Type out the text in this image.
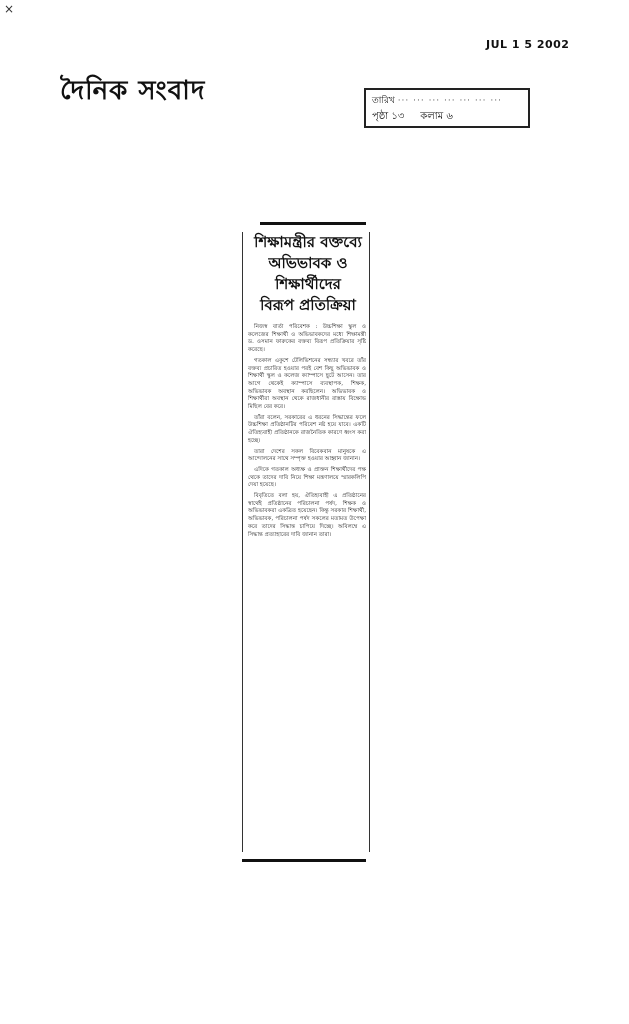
×
JUL 1 5 2002
দৈনিক সংবাদ	তারিখ ··· ··· ··· ··· ··· ··· ···
পৃষ্ঠা ১৩ কলাম ৬
শিক্ষামন্ত্রীর বক্তব্যে
অভিভাবক ও
শিক্ষার্থীদের
বিরূপ প্রতিক্রিয়া

নিজস্ব বার্তা পরিবেশক : উচ্চশিক্ষা স্কুল ও কলেজের শিক্ষার্থী ও অভিভাবকদের মধ্যে শিক্ষামন্ত্রী ড. ওসমান ফারুকের বক্তব্য বিরূপ প্রতিক্রিয়ার সৃষ্টি করেছে।

গতকাল একুশে টেলিভিশনের সন্ধ্যার খবরে তাঁর বক্তব্য প্রচারিত হওয়ার পরই বেশ কিছু অভিভাবক ও শিক্ষার্থী স্কুল ও কলেজ ক্যাম্পাসে ছুটে আসেন। তার আগে থেকেই ক্যাম্পাসে ব্যবস্থাপক, শিক্ষক, অভিভাবক অবস্থান করছিলেন। অভিভাবক ও শিক্ষার্থীরা অবস্থান থেকে রাজধানীর রাস্তায় বিক্ষোভ মিছিল বের করে।

তাঁরা বলেন, সরকারের এ ধরনের সিদ্ধান্তের ফলে উচ্চশিক্ষা প্রতিষ্ঠানটির পরিবেশ নষ্ট হয়ে যাবে। একটি ঐতিহ্যবাহী প্রতিষ্ঠানকে রাজনৈতিক কারণে ধ্বংস করা হচ্ছে।

তারা দেশের সকল বিবেকবান মানুষকে এ আন্দোলনের সাথে সম্পৃক্ত হওয়ার আহ্বান জানান।

এদিকে গতকাল অধ্যক্ষ ও প্রাক্তন শিক্ষার্থীদের পক্ষ থেকে তাদের দাবি নিয়ে শিক্ষা মন্ত্রণালয়ে স্মারকলিপি দেয়া হয়েছে।

বিবৃতিতে বলা হয়, ঐতিহ্যবাহী এ প্রতিষ্ঠানের স্বার্থেই প্রতিষ্ঠানের পরিচালনা পর্ষদ, শিক্ষক ও অভিভাবকরা একত্রিত হয়েছেন। কিন্তু সরকার শিক্ষার্থী, অভিভাবক, পরিচালনা পর্ষদ সকলের মতামত উপেক্ষা করে তাদের সিদ্ধান্ত চাপিয়ে দিচ্ছে। অবিলম্বে এ সিদ্ধান্ত প্রত্যাহারের দাবি জানান তারা।
